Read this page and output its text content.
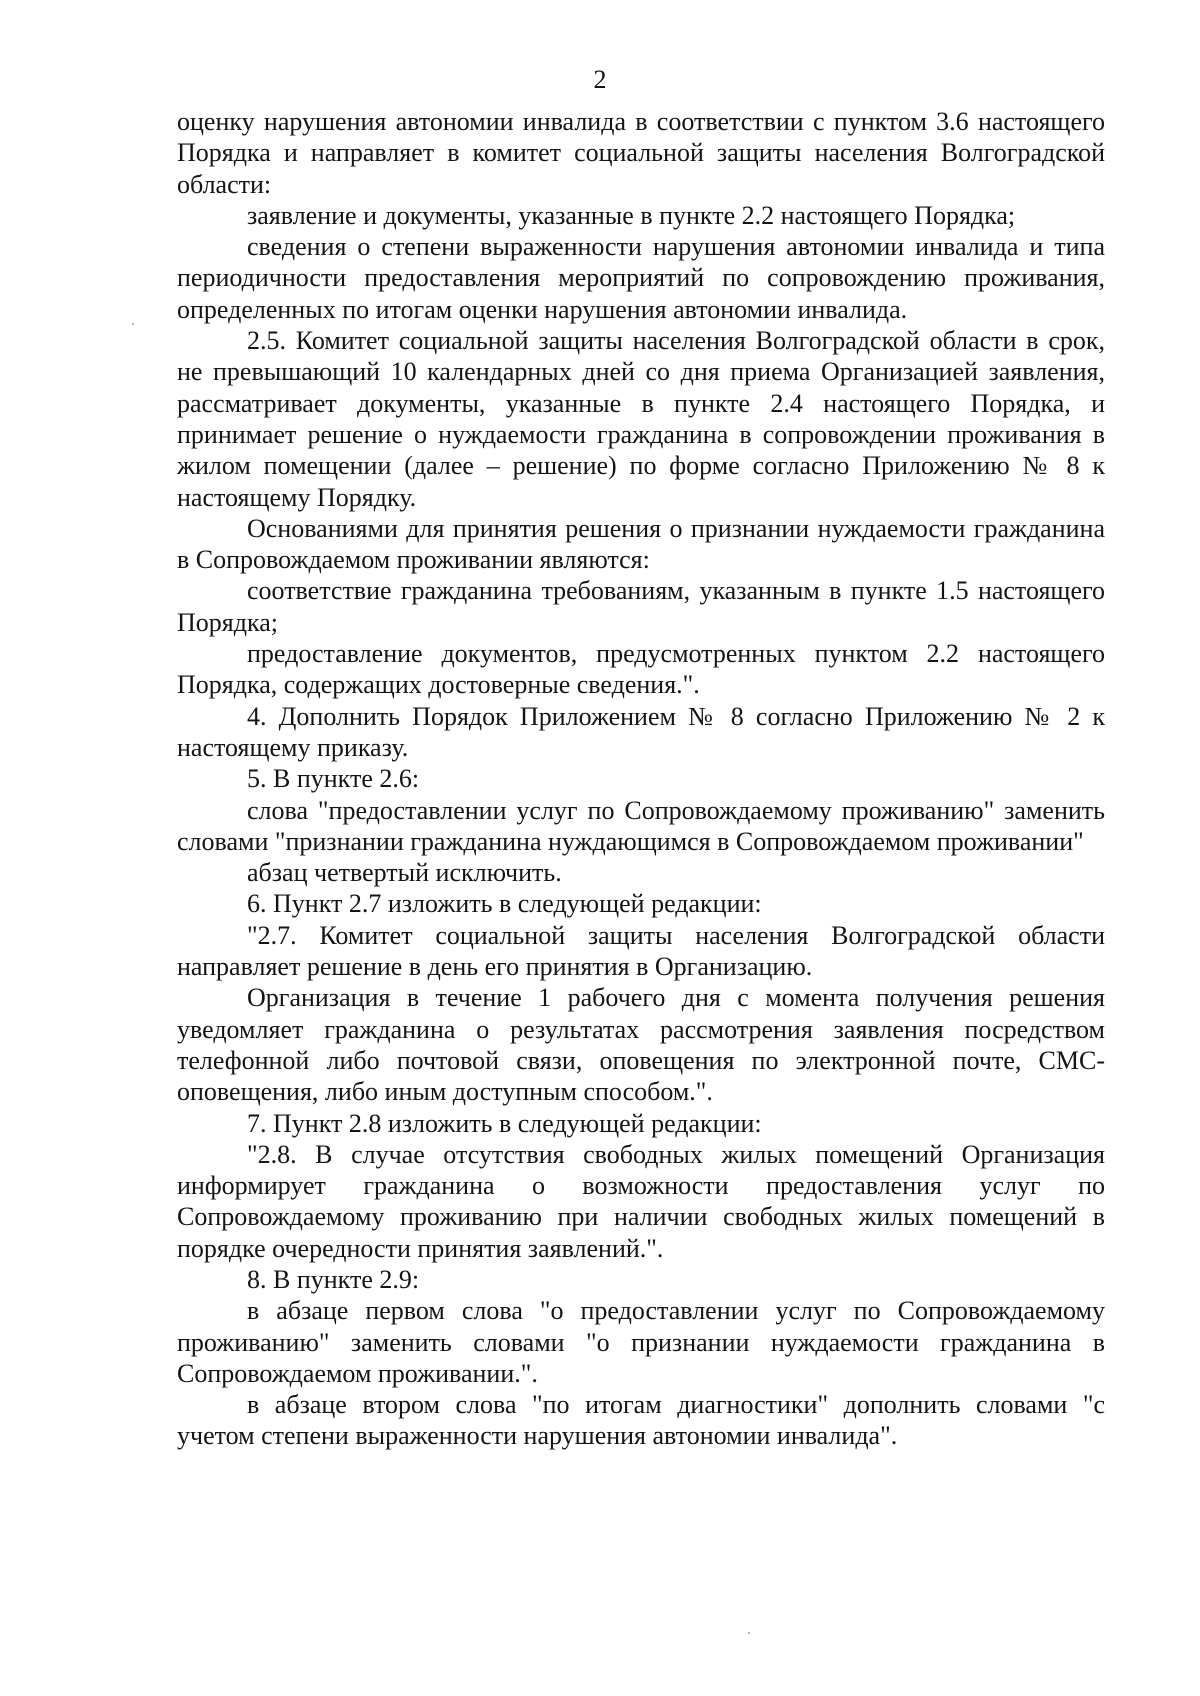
2

оценку нарушения автономии инвалида в соответствии с пунктом 3.6 настоящего Порядка и направляет в комитет социальной защиты населения Волгоградской области:

заявление и документы, указанные в пункте 2.2 настоящего Порядка;

сведения о степени выраженности нарушения автономии инвалида и типа периодичности предоставления мероприятий по сопровождению проживания, определенных по итогам оценки нарушения автономии инвалида.

2.5. Комитет социальной защиты населения Волгоградской области в срок, не превышающий 10 календарных дней со дня приема Организацией заявления, рассматривает документы, указанные в пункте 2.4 настоящего Порядка, и принимает решение о нуждаемости гражданина в сопровождении проживания в жилом помещении (далее – решение) по форме согласно Приложению № 8 к настоящему Порядку.

Основаниями для принятия решения о признании нуждаемости гражданина в Сопровождаемом проживании являются:

соответствие гражданина требованиям, указанным в пункте 1.5 настоящего Порядка;

предоставление документов, предусмотренных пунктом 2.2 настоящего Порядка, содержащих достоверные сведения.".

4. Дополнить Порядок Приложением № 8 согласно Приложению № 2 к настоящему приказу.

5. В пункте 2.6:

слова "предоставлении услуг по Сопровождаемому проживанию" заменить словами "признании гражданина нуждающимся в Сопровождаемом проживании"

абзац четвертый исключить.

6. Пункт 2.7 изложить в следующей редакции:

"2.7. Комитет социальной защиты населения Волгоградской области направляет решение в день его принятия в Организацию.

Организация в течение 1 рабочего дня с момента получения решения уведомляет гражданина о результатах рассмотрения заявления посредством телефонной либо почтовой связи, оповещения по электронной почте, СМС-оповещения, либо иным доступным способом.".

7. Пункт 2.8 изложить в следующей редакции:

"2.8. В случае отсутствия свободных жилых помещений Организация информирует гражданина о возможности предоставления услуг по Сопровождаемому проживанию при наличии свободных жилых помещений в порядке очередности принятия заявлений.".

8. В пункте 2.9:

в абзаце первом слова "о предоставлении услуг по Сопровождаемому проживанию" заменить словами "о признании нуждаемости гражданина в Сопровождаемом проживании.".

в абзаце втором слова "по итогам диагностики" дополнить словами "с учетом степени выраженности нарушения автономии инвалида".
